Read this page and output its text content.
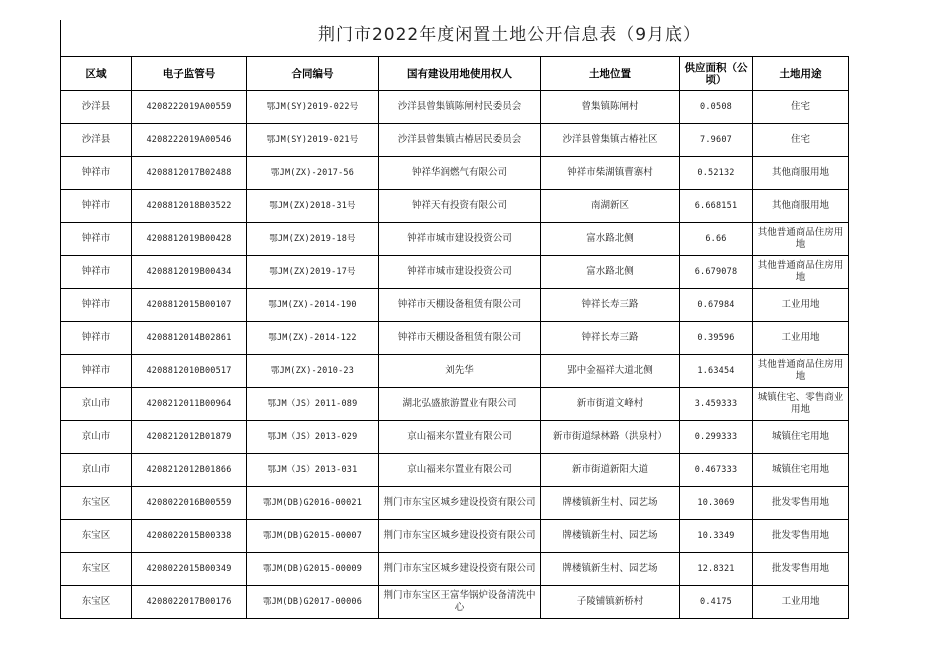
荆门市2022年度闲置土地公开信息表（9月底）
区域	电子监管号	合同编号	国有建设用地使用权人	土地位置	供应面积（公顷）	土地用途
沙洋县	4208222019A00559	鄂JM(SY)2019-022号	沙洋县曾集镇陈闸村民委员会	曾集镇陈闸村	0.0508	住宅
沙洋县	4208222019A00546	鄂JM(SY)2019-021号	沙洋县曾集镇古椿居民委员会	沙洋县曾集镇古椿社区	7.9607	住宅
钟祥市	4208812017B02488	鄂JM(ZX)-2017-56	钟祥华润燃气有限公司	钟祥市柴湖镇曹寨村	0.52132	其他商服用地
钟祥市	4208812018B03522	鄂JM(ZX)2018-31号	钟祥天有投资有限公司	南湖新区	6.668151	其他商服用地
钟祥市	4208812019B00428	鄂JM(ZX)2019-18号	钟祥市城市建设投资公司	富水路北侧	6.66	其他普通商品住房用地
钟祥市	4208812019B00434	鄂JM(ZX)2019-17号	钟祥市城市建设投资公司	富水路北侧	6.679078	其他普通商品住房用地
钟祥市	4208812015B00107	鄂JM(ZX)-2014-190	钟祥市天棚设备租赁有限公司	钟祥长寿三路	0.67984	工业用地
钟祥市	4208812014B02861	鄂JM(ZX)-2014-122	钟祥市天棚设备租赁有限公司	钟祥长寿三路	0.39596	工业用地
钟祥市	4208812010B00517	鄂JM(ZX)-2010-23	刘先华	郢中金福祥大道北侧	1.63454	其他普通商品住房用地
京山市	4208212011B00964	鄂JM（JS）2011-089	湖北弘盛旅游置业有限公司	新市街道文峰村	3.459333	城镇住宅、零售商业用地
京山市	4208212012B01879	鄂JM（JS）2013-029	京山福来尔置业有限公司	新市街道绿林路（洪泉村）	0.299333	城镇住宅用地
京山市	4208212012B01866	鄂JM（JS）2013-031	京山福来尔置业有限公司	新市街道新阳大道	0.467333	城镇住宅用地
东宝区	4208022016B00559	鄂JM(DB)G2016-00021	荆门市东宝区城乡建设投资有限公司	牌楼镇新生村、园艺场	10.3069	批发零售用地
东宝区	4208022015B00338	鄂JM(DB)G2015-00007	荆门市东宝区城乡建设投资有限公司	牌楼镇新生村、园艺场	10.3349	批发零售用地
东宝区	4208022015B00349	鄂JM(DB)G2015-00009	荆门市东宝区城乡建设投资有限公司	牌楼镇新生村、园艺场	12.8321	批发零售用地
东宝区	4208022017B00176	鄂JM(DB)G2017-00006	荆门市东宝区王富华锅炉设备清洗中心	子陵铺镇新桥村	0.4175	工业用地
